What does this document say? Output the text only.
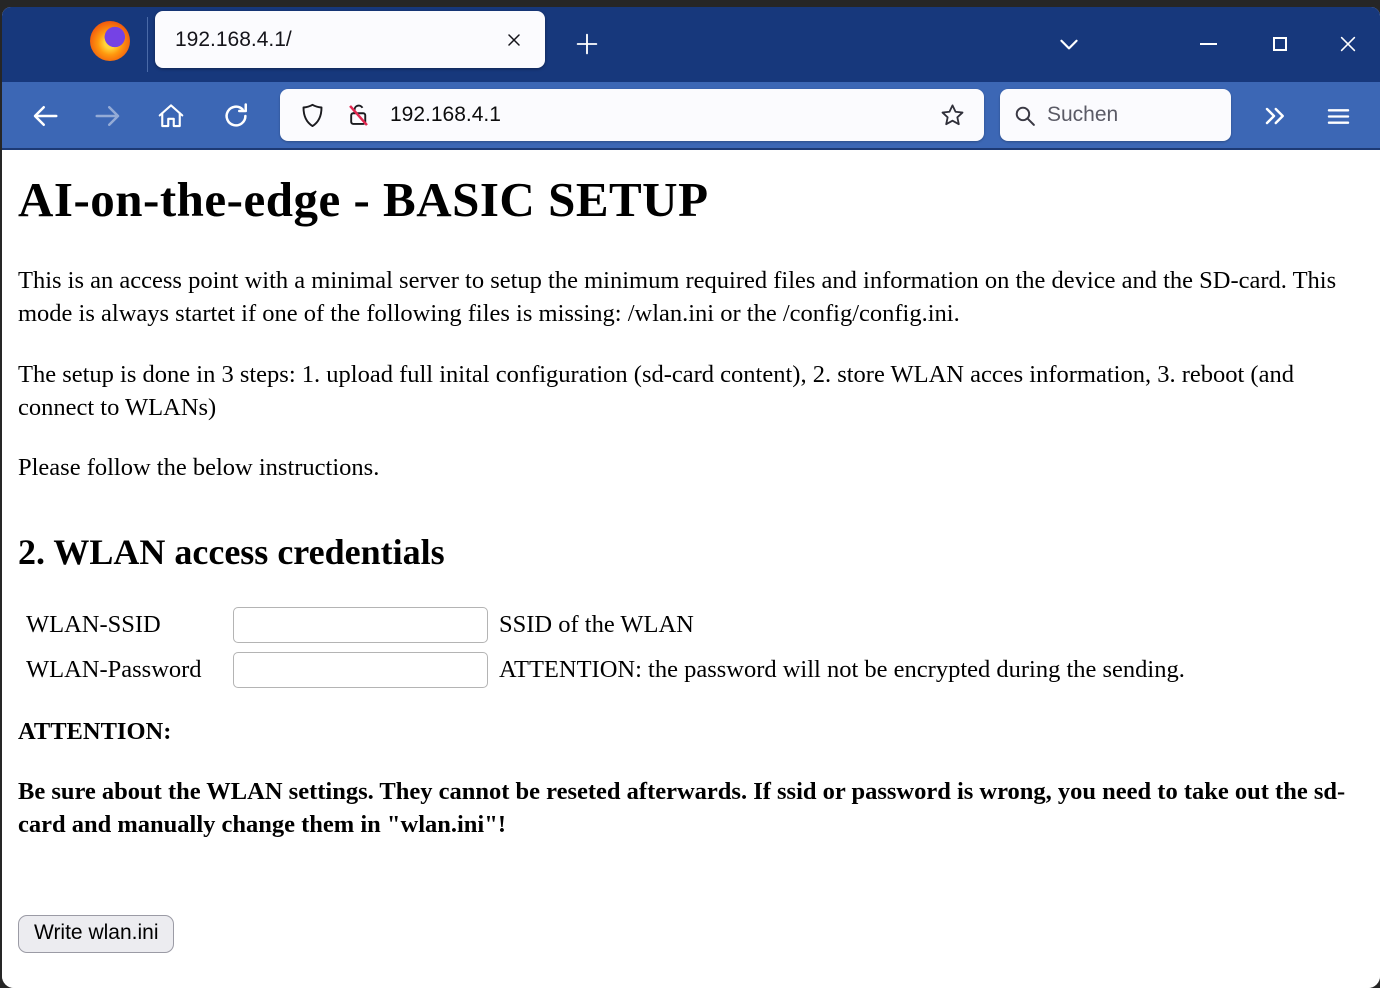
192.168.4.1/
192.168.4.1
Suchen
AI-on-the-edge - BASIC SETUP

This is an access point with a minimal server to setup the minimum required files and information on the device and the SD-card. This mode is always startet if one of the following files is missing: /wlan.ini or the /config/config.ini.

The setup is done in 3 steps: 1. upload full inital configuration (sd-card content), 2. store WLAN acces information, 3. reboot (and connect to WLANs)

Please follow the below instructions.

2. WLAN access credentials
WLAN-SSID	SSID of the WLAN
WLAN-Password	ATTENTION: the password will not be encrypted during the sending.

ATTENTION:

Be sure about the WLAN settings. They cannot be reseted afterwards. If ssid or password is wrong, you need to take out the sd-card and manually change them in "wlan.ini"!

Write wlan.ini
